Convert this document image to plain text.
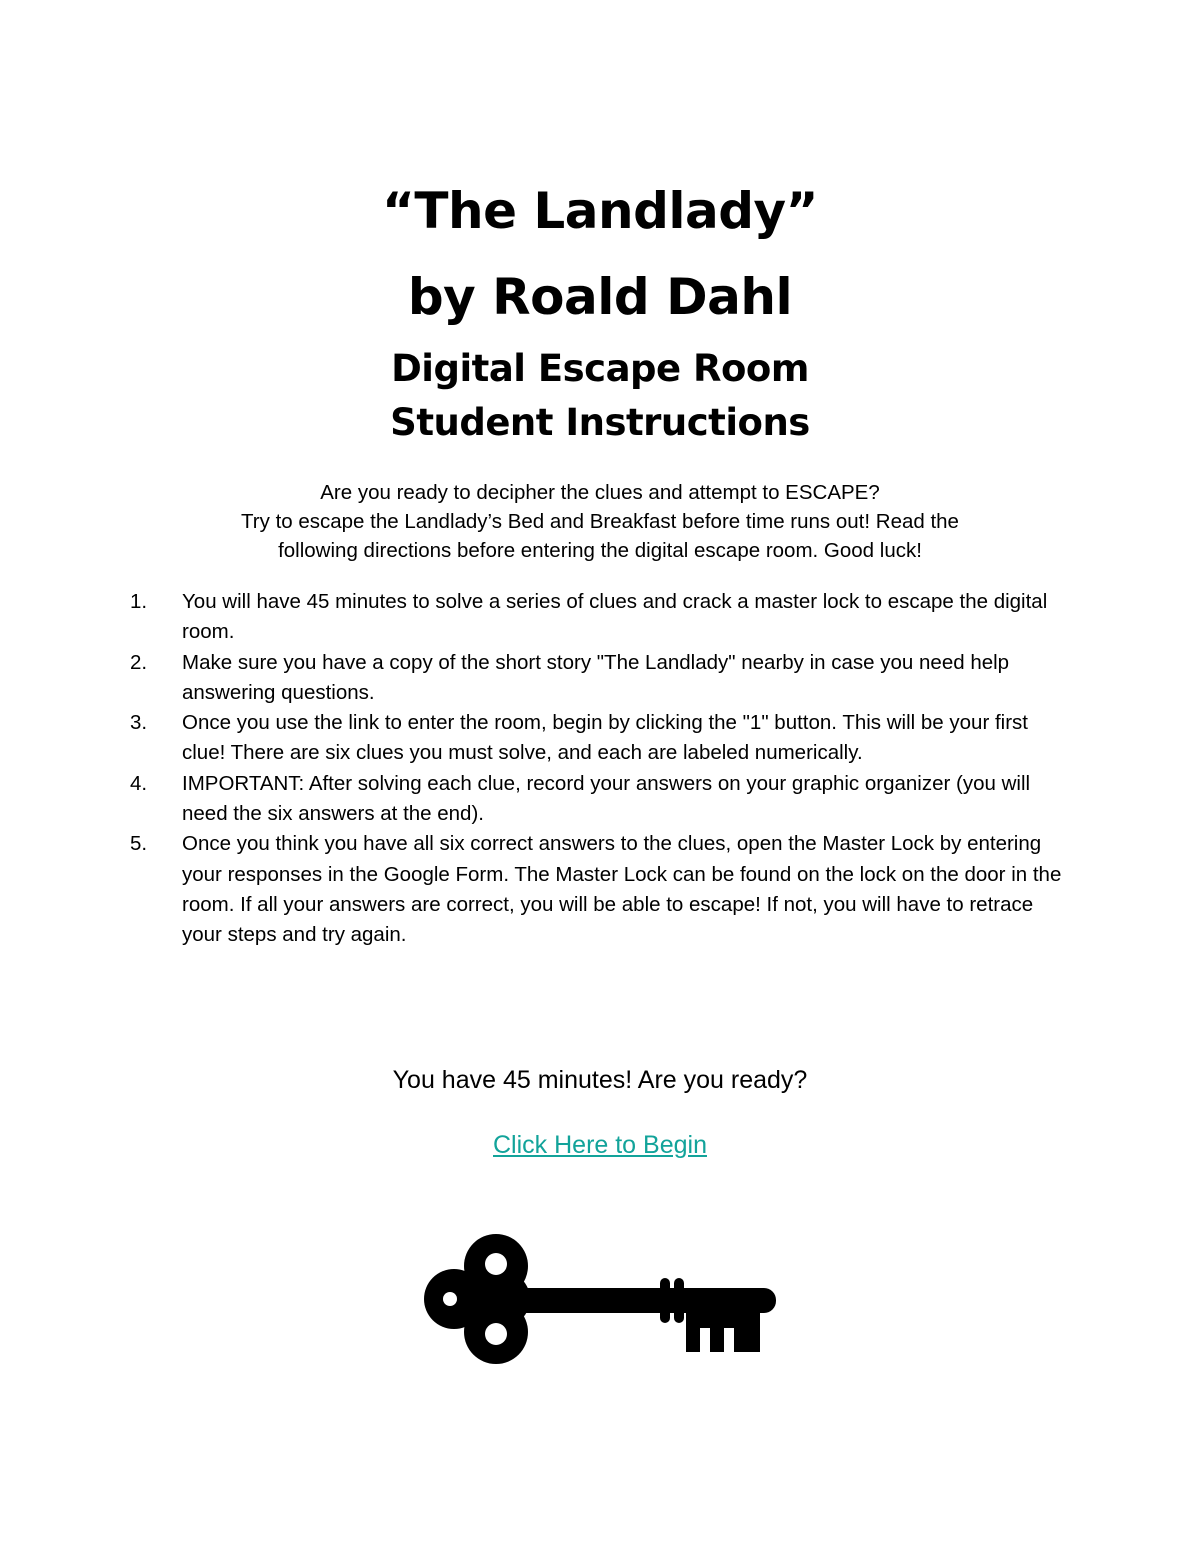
“The Landlady”
by Roald Dahl
Digital Escape Room
Student Instructions
Are you ready to decipher the clues and attempt to ESCAPE?
Try to escape the Landlady’s Bed and Breakfast before time runs out! Read the
following directions before entering the digital escape room. Good luck!
1.	You will have 45 minutes to solve a series of clues and crack a master lock to escape the digital room.
2.	Make sure you have a copy of the short story "The Landlady" nearby in case you need help answering questions.
3.	Once you use the link to enter the room, begin by clicking the "1" button. This will be your first clue! There are six clues you must solve, and each are labeled numerically.
4.	IMPORTANT: After solving each clue, record your answers on your graphic organizer (you will need the six answers at the end).
5.	Once you think you have all six correct answers to the clues, open the Master Lock by entering your responses in the Google Form. The Master Lock can be found on the lock on the door in the room. If all your answers are correct, you will be able to escape! If not, you will have to retrace your steps and try again.
You have 45 minutes! Are you ready?
Click Here to Begin
